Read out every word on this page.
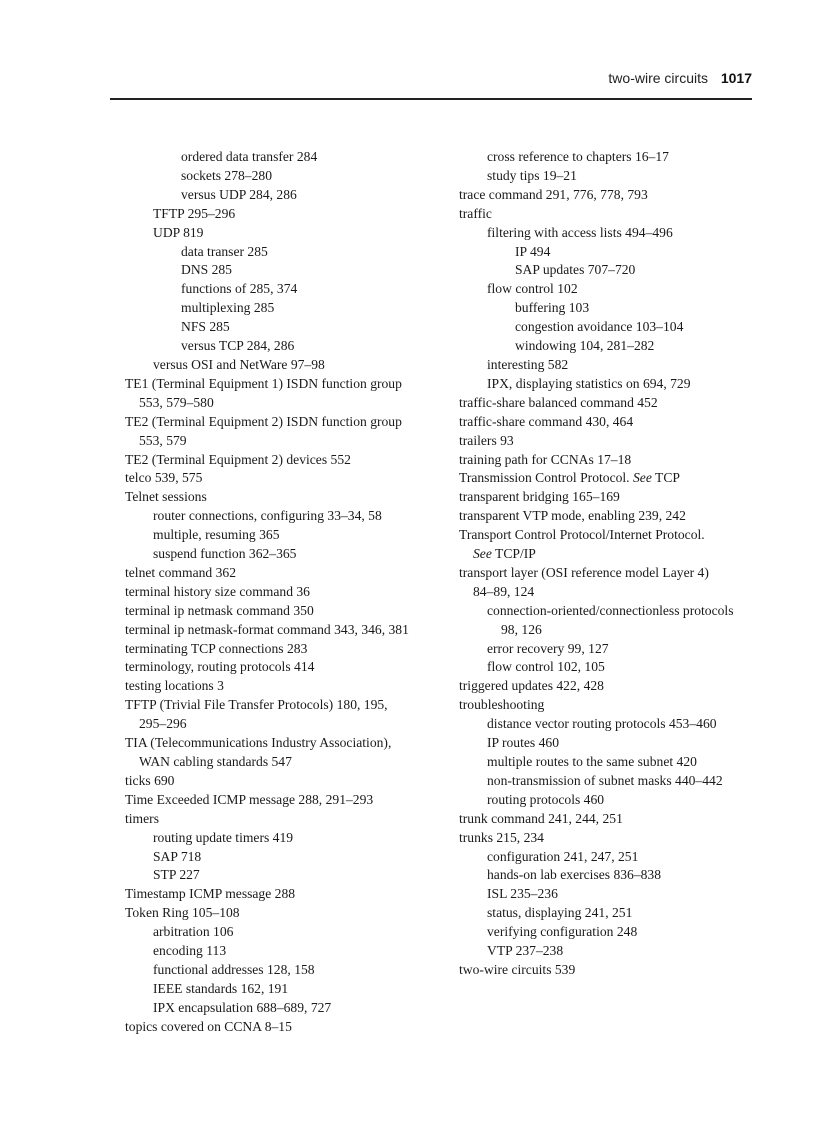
two-wire circuits 1017
ordered data transfer 284
sockets 278–280
versus UDP 284, 286
TFTP 295–296
UDP 819
data transer 285
DNS 285
functions of 285, 374
multiplexing 285
NFS 285
versus TCP 284, 286
versus OSI and NetWare 97–98
TE1 (Terminal Equipment 1) ISDN function group
553, 579–580
TE2 (Terminal Equipment 2) ISDN function group
553, 579
TE2 (Terminal Equipment 2) devices 552
telco 539, 575
Telnet sessions
router connections, configuring 33–34, 58
multiple, resuming 365
suspend function 362–365
telnet command 362
terminal history size command 36
terminal ip netmask command 350
terminal ip netmask-format command 343, 346, 381
terminating TCP connections 283
terminology, routing protocols 414
testing locations 3
TFTP (Trivial File Transfer Protocols) 180, 195,
295–296
TIA (Telecommunications Industry Association),
WAN cabling standards 547
ticks 690
Time Exceeded ICMP message 288, 291–293
timers
routing update timers 419
SAP 718
STP 227
Timestamp ICMP message 288
Token Ring 105–108
arbitration 106
encoding 113
functional addresses 128, 158
IEEE standards 162, 191
IPX encapsulation 688–689, 727
topics covered on CCNA 8–15
cross reference to chapters 16–17
study tips 19–21
trace command 291, 776, 778, 793
traffic
filtering with access lists 494–496
IP 494
SAP updates 707–720
flow control 102
buffering 103
congestion avoidance 103–104
windowing 104, 281–282
interesting 582
IPX, displaying statistics on 694, 729
traffic-share balanced command 452
traffic-share command 430, 464
trailers 93
training path for CCNAs 17–18
Transmission Control Protocol. See TCP
transparent bridging 165–169
transparent VTP mode, enabling 239, 242
Transport Control Protocol/Internet Protocol.
See TCP/IP
transport layer (OSI reference model Layer 4)
84–89, 124
connection-oriented/connectionless protocols
98, 126
error recovery 99, 127
flow control 102, 105
triggered updates 422, 428
troubleshooting
distance vector routing protocols 453–460
IP routes 460
multiple routes to the same subnet 420
non-transmission of subnet masks 440–442
routing protocols 460
trunk command 241, 244, 251
trunks 215, 234
configuration 241, 247, 251
hands-on lab exercises 836–838
ISL 235–236
status, displaying 241, 251
verifying configuration 248
VTP 237–238
two-wire circuits 539
